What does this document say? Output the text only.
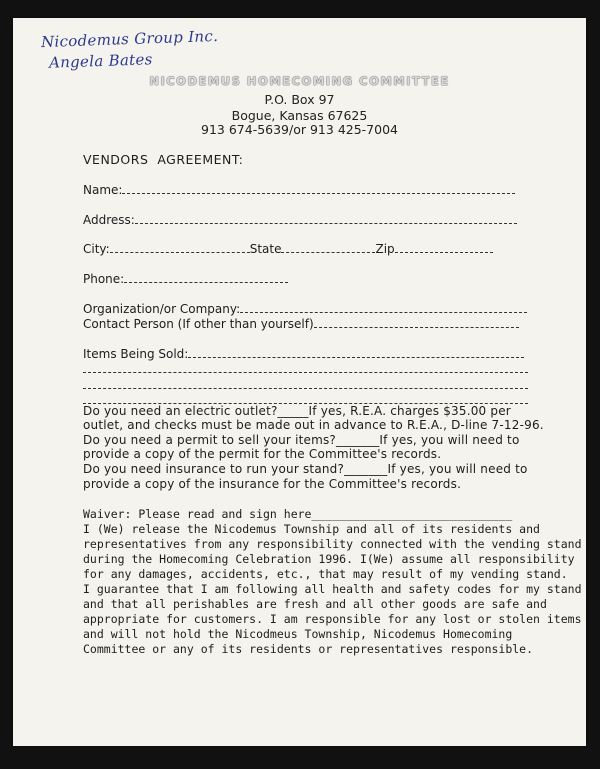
Nicodemus Group Inc.
Angela Bates
NICODEMUS HOMECOMING COMMITTEE
P.O. Box 97
Bogue, Kansas 67625
913 674-5639/or 913 425-7004
VENDORS  AGREEMENT:
Name:
Address:
City:	State	Zip
Phone:
Organization/or Company:
Contact Person (If other than yourself)
Items Being Sold:
Do you need an electric outlet?_____If yes, R.E.A. charges $35.00 per
outlet, and checks must be made out in advance to R.E.A., D-line 7-12-96.
Do you need a permit to sell your items?_______If yes, you will need to
provide a copy of the permit for the Committee's records.
Do you need insurance to run your stand?_______If yes, you will need to
provide a copy of the insurance for the Committee's records.
Waiver: Please read and sign here_____________________________
I (We) release the Nicodemus Township and all of its residents and
representatives from any responsibility connected with the vending stand
during the Homecoming Celebration 1996. I(We) assume all responsibility
for any damages, accidents, etc., that may result of my vending stand.
I guarantee that I am following all health and safety codes for my stand
and that all perishables are fresh and all other goods are safe and
appropriate for customers. I am responsible for any lost or stolen items
and will not hold the Nicodmeus Township, Nicodemus Homecoming
Committee or any of its residents or representatives responsible.
